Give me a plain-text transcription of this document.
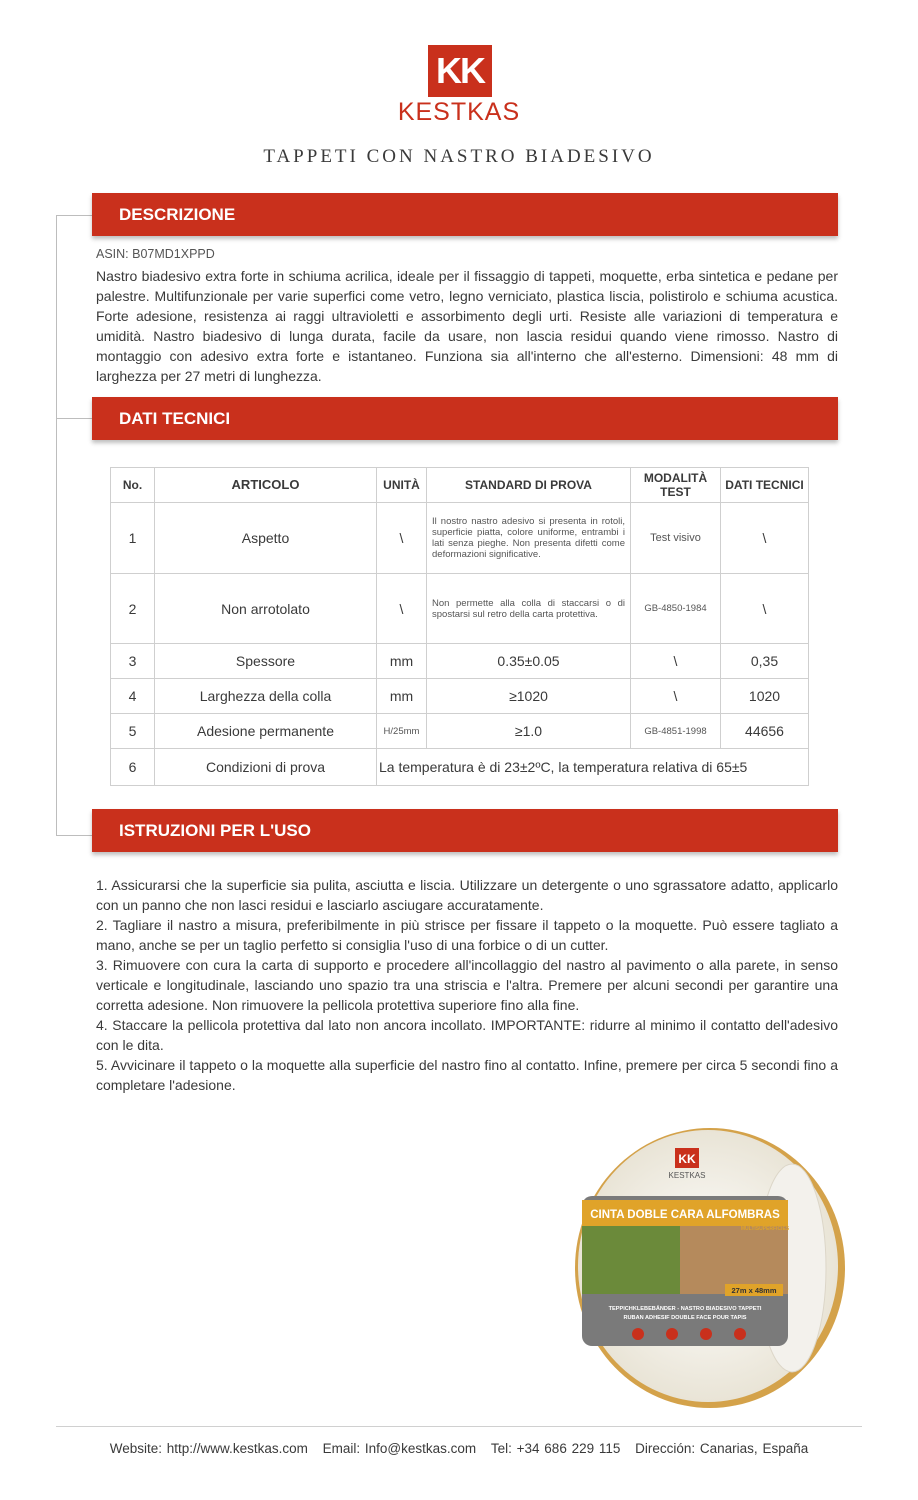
KK
KESTKAS
TAPPETI CON NASTRO BIADESIVO
DESCRIZIONE
ASIN: B07MD1XPPD
Nastro biadesivo extra forte in schiuma acrilica, ideale per il fissaggio di tappeti, moquette, erba sintetica e pedane per palestre. Multifunzionale per varie superfici come vetro, legno verniciato, plastica liscia, polistirolo e schiuma acustica. Forte adesione, resistenza ai raggi ultravioletti e assorbimento degli urti. Resiste alle variazioni di temperatura e umidità. Nastro biadesivo di lunga durata, facile da usare, non lascia residui quando viene rimosso. Nastro di montaggio con adesivo extra forte e istantaneo. Funziona sia all'interno che all'esterno. Dimensioni: 48 mm di larghezza per 27 metri di lunghezza.
DATI TECNICI
No.	ARTICOLO	UNITÀ	STANDARD DI PROVA	MODALITÀ TEST	DATI TECNICI
1	Aspetto	\	Il nostro nastro adesivo si presenta in rotoli, superficie piatta, colore uniforme, entrambi i lati senza pieghe. Non presenta difetti come deformazioni significative.	Test visivo	\
2	Non arrotolato	\	Non permette alla colla di staccarsi o di spostarsi sul retro della carta protettiva.	GB-4850-1984	\
3	Spessore	mm	0.35±0.05	\	0,35
4	Larghezza della colla	mm	≥1020	\	1020
5	Adesione permanente	H/25mm	≥1.0	GB-4851-1998	44656
6	Condizioni di prova	La temperatura è di 23±2ºC, la temperatura relativa di 65±5			
ISTRUZIONI PER L'USO
1. Assicurarsi che la superficie sia pulita, asciutta e liscia. Utilizzare un detergente o uno sgrassatore adatto, applicarlo con un panno che non lasci residui e lasciarlo asciugare accuratamente.
2. Tagliare il nastro a misura, preferibilmente in più strisce per fissare il tappeto o la moquette. Può essere tagliato a mano, anche se per un taglio perfetto si consiglia l'uso di una forbice o di un cutter.
3. Rimuovere con cura la carta di supporto e procedere all'incollaggio del nastro al pavimento o alla parete, in senso verticale e longitudinale, lasciando uno spazio tra una striscia e l'altra. Premere per alcuni secondi per garantire una corretta adesione. Non rimuovere la pellicola protettiva superiore fino alla fine.
4. Staccare la pellicola protettiva dal lato non ancora incollato. IMPORTANTE: ridurre al minimo il contatto dell'adesivo con le dita.
5. Avvicinare il tappeto o la moquette alla superficie del nastro fino al contatto. Infine, premere per circa 5 secondi fino a completare l'adesione.
CINTA DOBLE CARA ALFOMBRAS
MULTISUPERFICIES
27m x 48mm
TEPPICHKLEBEBÄNDER - NASTRO BIADESIVO TAPPETI
RUBAN ADHESIF DOUBLE FACE POUR TAPIS
KK
KESTKAS
Website: http://www.kestkas.com Email: Info@kestkas.com Tel: +34 686 229 115 Dirección: Canarias, España
